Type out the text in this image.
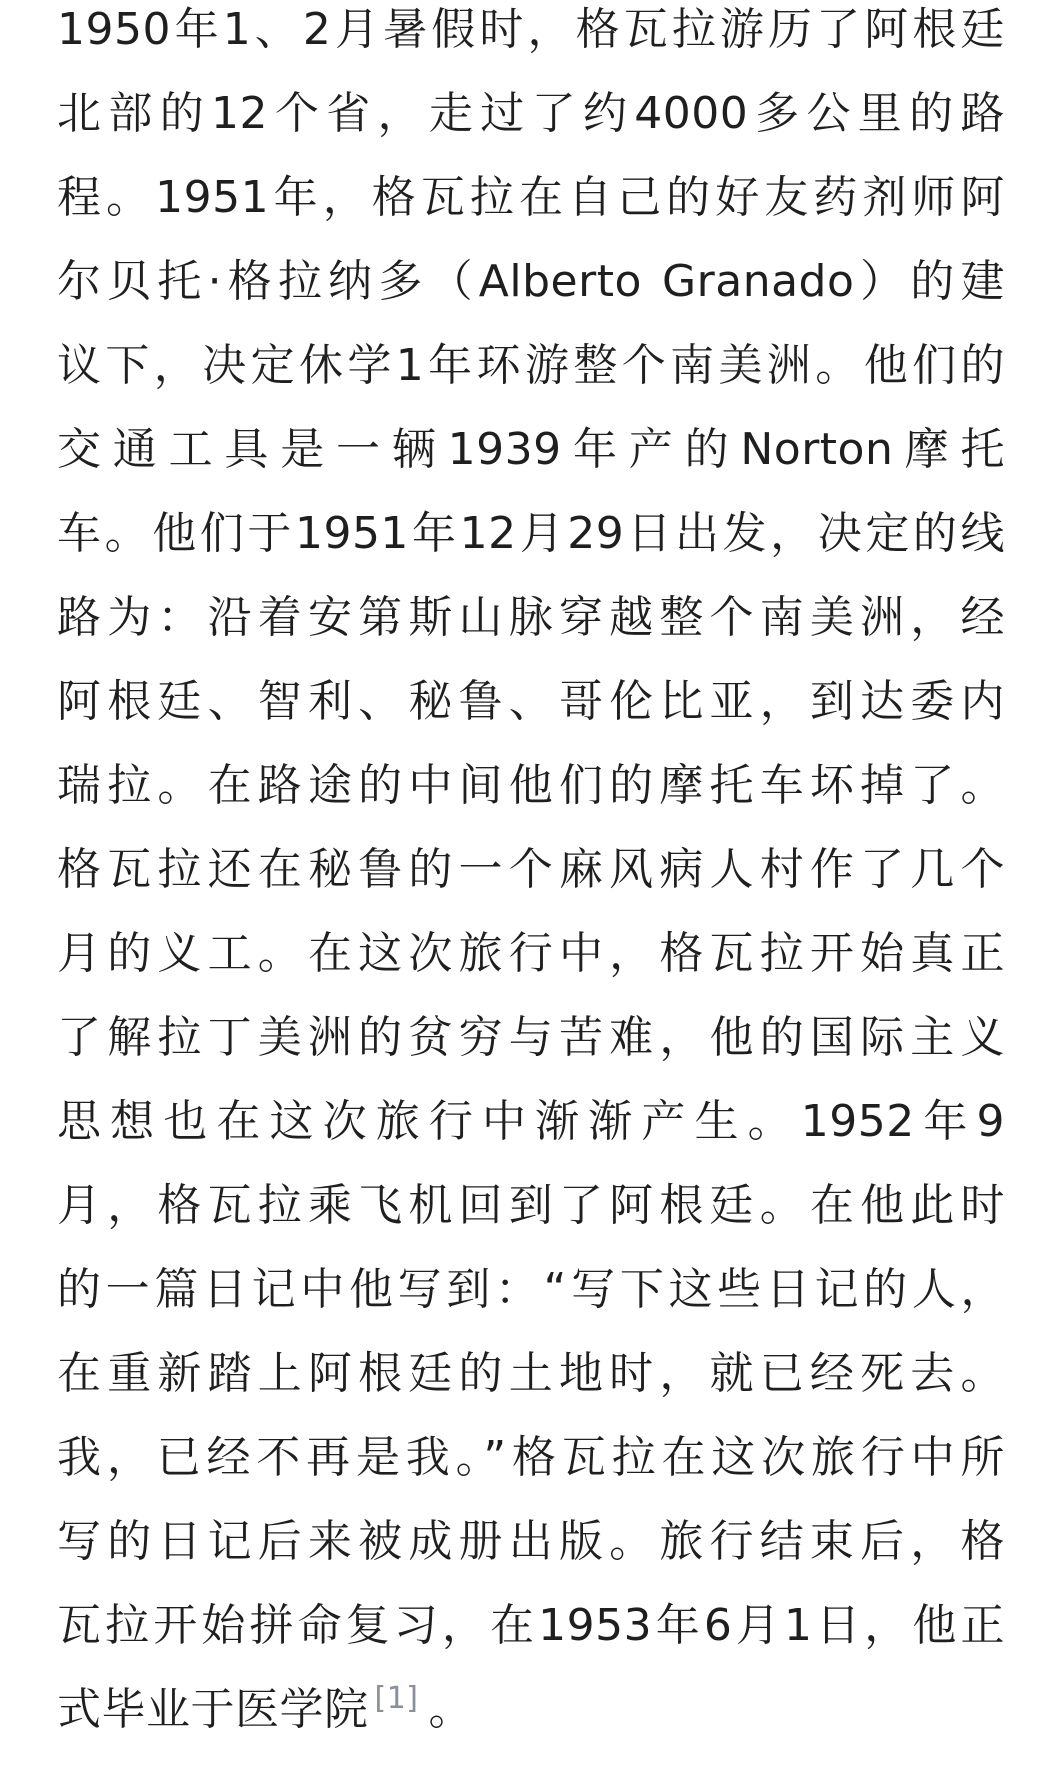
1950年1、2月暑假时，格瓦拉游历了阿根廷
北部的12个省，走过了约4000多公里的路
程。1951年，格瓦拉在自己的好友药剂师阿
尔贝托·格拉纳多（Alberto Granado）的建
议下，决定休学1年环游整个南美洲。他们的
交通工具是一辆1939年产的Norton摩托
车。他们于1951年12月29日出发，决定的线
路为：沿着安第斯山脉穿越整个南美洲，经
阿根廷、智利、秘鲁、哥伦比亚，到达委内
瑞拉。在路途的中间他们的摩托车坏掉了。
格瓦拉还在秘鲁的一个麻风病人村作了几个
月的义工。在这次旅行中，格瓦拉开始真正
了解拉丁美洲的贫穷与苦难，他的国际主义
思想也在这次旅行中渐渐产生。1952年9
月，格瓦拉乘飞机回到了阿根廷。在他此时
的一篇日记中他写到：“写下这些日记的人，
在重新踏上阿根廷的土地时，就已经死去。
我，已经不再是我。”格瓦拉在这次旅行中所
写的日记后来被成册出版。旅行结束后，格
瓦拉开始拼命复习，在1953年6月1日，他正
式毕业于医学院 [1] 。
